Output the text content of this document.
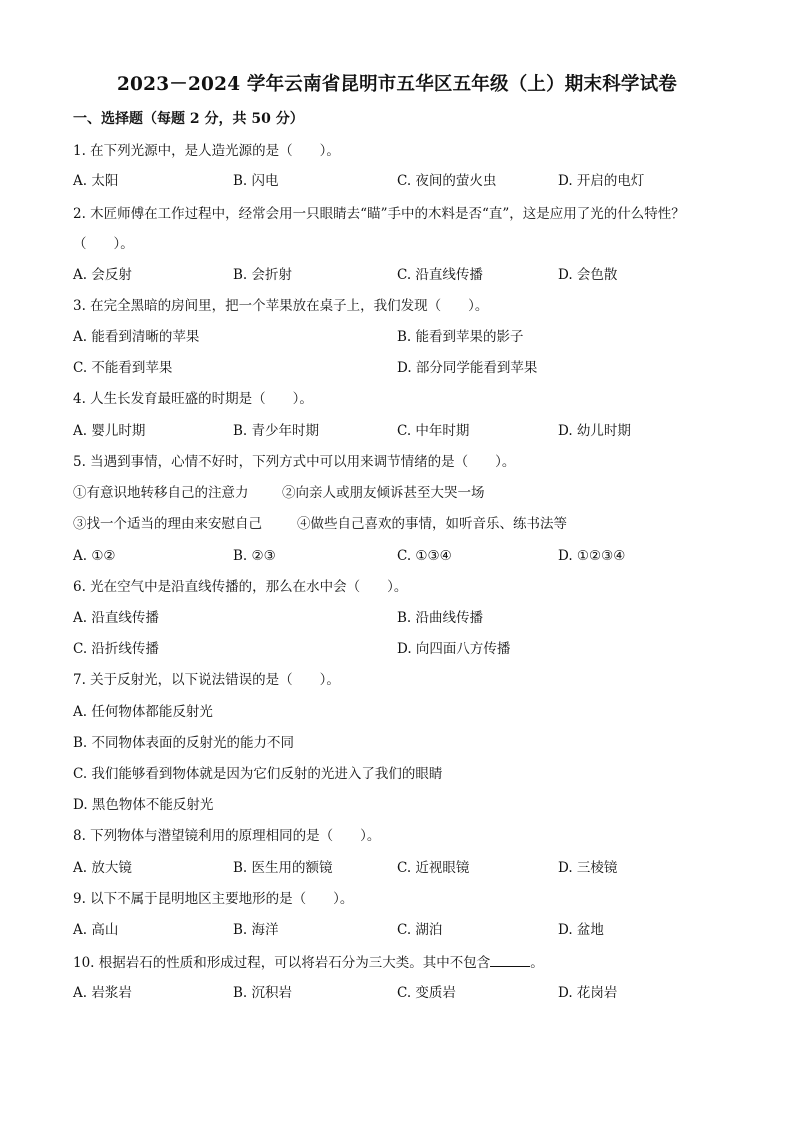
2023－2024 学年云南省昆明市五华区五年级（上）期末科学试卷
一、选择题（每题 2 分，共 50 分）
1. 在下列光源中，是人造光源的是（　　）。
A. 太阳	B. 闪电	C. 夜间的萤火虫	D. 开启的电灯
2. 木匠师傅在工作过程中，经常会用一只眼睛去“瞄”手中的木料是否“直”，这是应用了光的什么特性？
（　　）。
A. 会反射	B. 会折射	C. 沿直线传播	D. 会色散
3. 在完全黑暗的房间里，把一个苹果放在桌子上，我们发现（　　）。
A. 能看到清晰的苹果	B. 能看到苹果的影子
C. 不能看到苹果	D. 部分同学能看到苹果
4. 人生长发育最旺盛的时期是（　　）。
A. 婴儿时期	B. 青少年时期	C. 中年时期	D. 幼儿时期
5. 当遇到事情，心情不好时，下列方式中可以用来调节情绪的是（　　）。
①有意识地转移自己的注意力 ②向亲人或朋友倾诉甚至大哭一场
③找一个适当的理由来安慰自己	④做些自己喜欢的事情，如听音乐、练书法等
A. ①②	B. ②③	C. ①③④	D. ①②③④
6. 光在空气中是沿直线传播的，那么在水中会（　　）。
A. 沿直线传播	B. 沿曲线传播
C. 沿折线传播	D. 向四面八方传播
7. 关于反射光，以下说法错误的是（　　）。
A. 任何物体都能反射光
B. 不同物体表面的反射光的能力不同
C. 我们能够看到物体就是因为它们反射的光进入了我们的眼睛
D. 黑色物体不能反射光
8. 下列物体与潜望镜利用的原理相同的是（　　）。
A. 放大镜	B. 医生用的额镜	C. 近视眼镜	D. 三棱镜
9. 以下不属于昆明地区主要地形的是（　　）。
A. 高山	B. 海洋	C. 湖泊	D. 盆地
10. 根据岩石的性质和形成过程，可以将岩石分为三大类。其中不包含	。
A. 岩浆岩	B. 沉积岩	C. 变质岩	D. 花岗岩
